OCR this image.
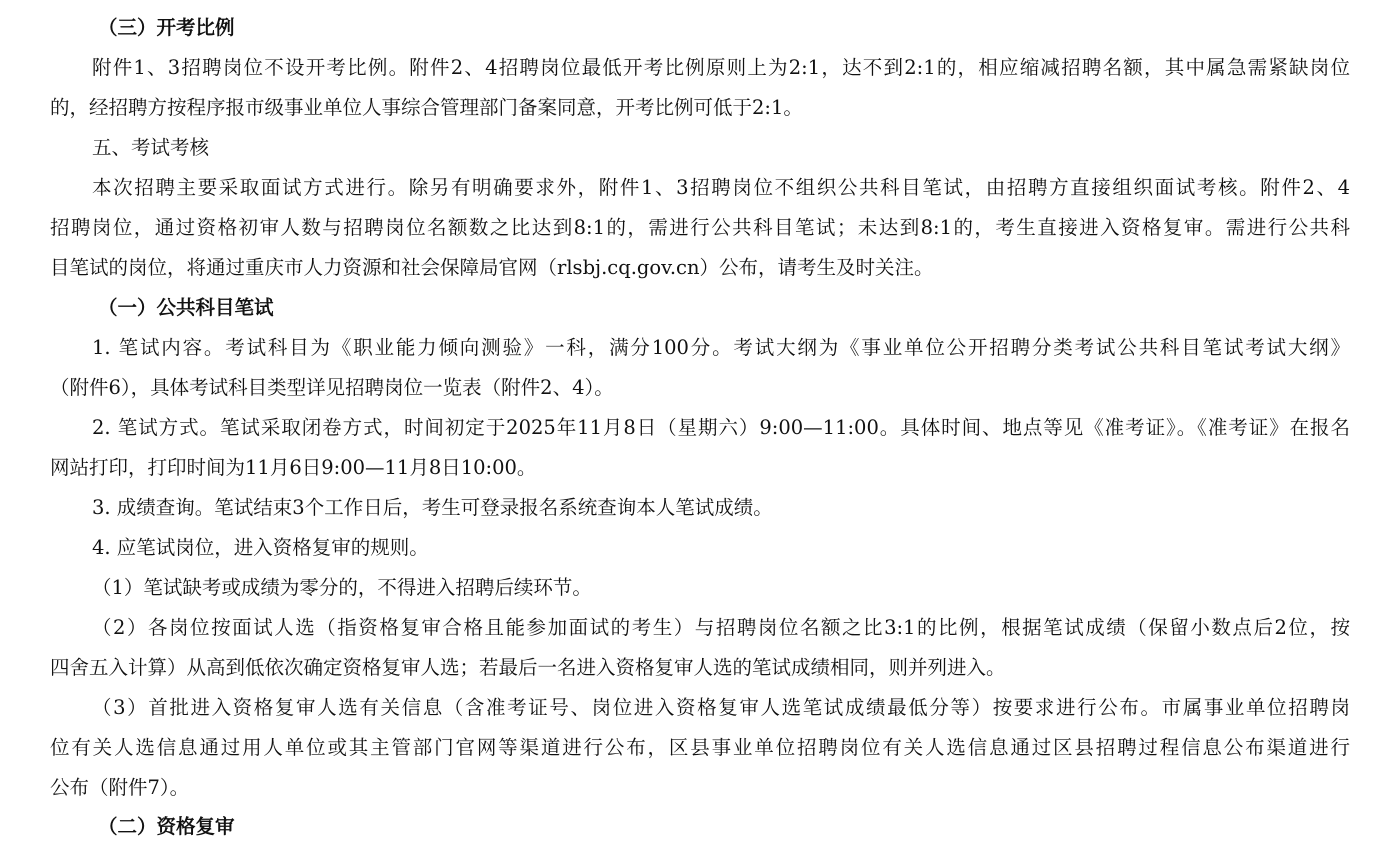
（三）开考比例
附件1、3招聘岗位不设开考比例。附件2、4招聘岗位最低开考比例原则上为2:1，达不到2:1的，相应缩减招聘名额，其中属急需紧缺岗位
的，经招聘方按程序报市级事业单位人事综合管理部门备案同意，开考比例可低于2:1。
五、考试考核
本次招聘主要采取面试方式进行。除另有明确要求外，附件1、3招聘岗位不组织公共科目笔试，由招聘方直接组织面试考核。附件2、4
招聘岗位，通过资格初审人数与招聘岗位名额数之比达到8:1的，需进行公共科目笔试；未达到8:1的，考生直接进入资格复审。需进行公共科
目笔试的岗位，将通过重庆市人力资源和社会保障局官网（rlsbj.cq.gov.cn）公布，请考生及时关注。
（一）公共科目笔试
1. 笔试内容。考试科目为《职业能力倾向测验》一科，满分100分。考试大纲为《事业单位公开招聘分类考试公共科目笔试考试大纲》
（附件6），具体考试科目类型详见招聘岗位一览表（附件2、4）。
2. 笔试方式。笔试采取闭卷方式，时间初定于2025年11月8日（星期六）9:00—11:00。具体时间、地点等见《准考证》。《准考证》在报名
网站打印，打印时间为11月6日9:00—11月8日10:00。
3. 成绩查询。笔试结束3个工作日后，考生可登录报名系统查询本人笔试成绩。
4. 应笔试岗位，进入资格复审的规则。
（1）笔试缺考或成绩为零分的，不得进入招聘后续环节。
（2）各岗位按面试人选（指资格复审合格且能参加面试的考生）与招聘岗位名额之比3:1的比例，根据笔试成绩（保留小数点后2位，按
四舍五入计算）从高到低依次确定资格复审人选；若最后一名进入资格复审人选的笔试成绩相同，则并列进入。
（3）首批进入资格复审人选有关信息（含准考证号、岗位进入资格复审人选笔试成绩最低分等）按要求进行公布。市属事业单位招聘岗
位有关人选信息通过用人单位或其主管部门官网等渠道进行公布，区县事业单位招聘岗位有关人选信息通过区县招聘过程信息公布渠道进行
公布（附件7）。
（二）资格复审
